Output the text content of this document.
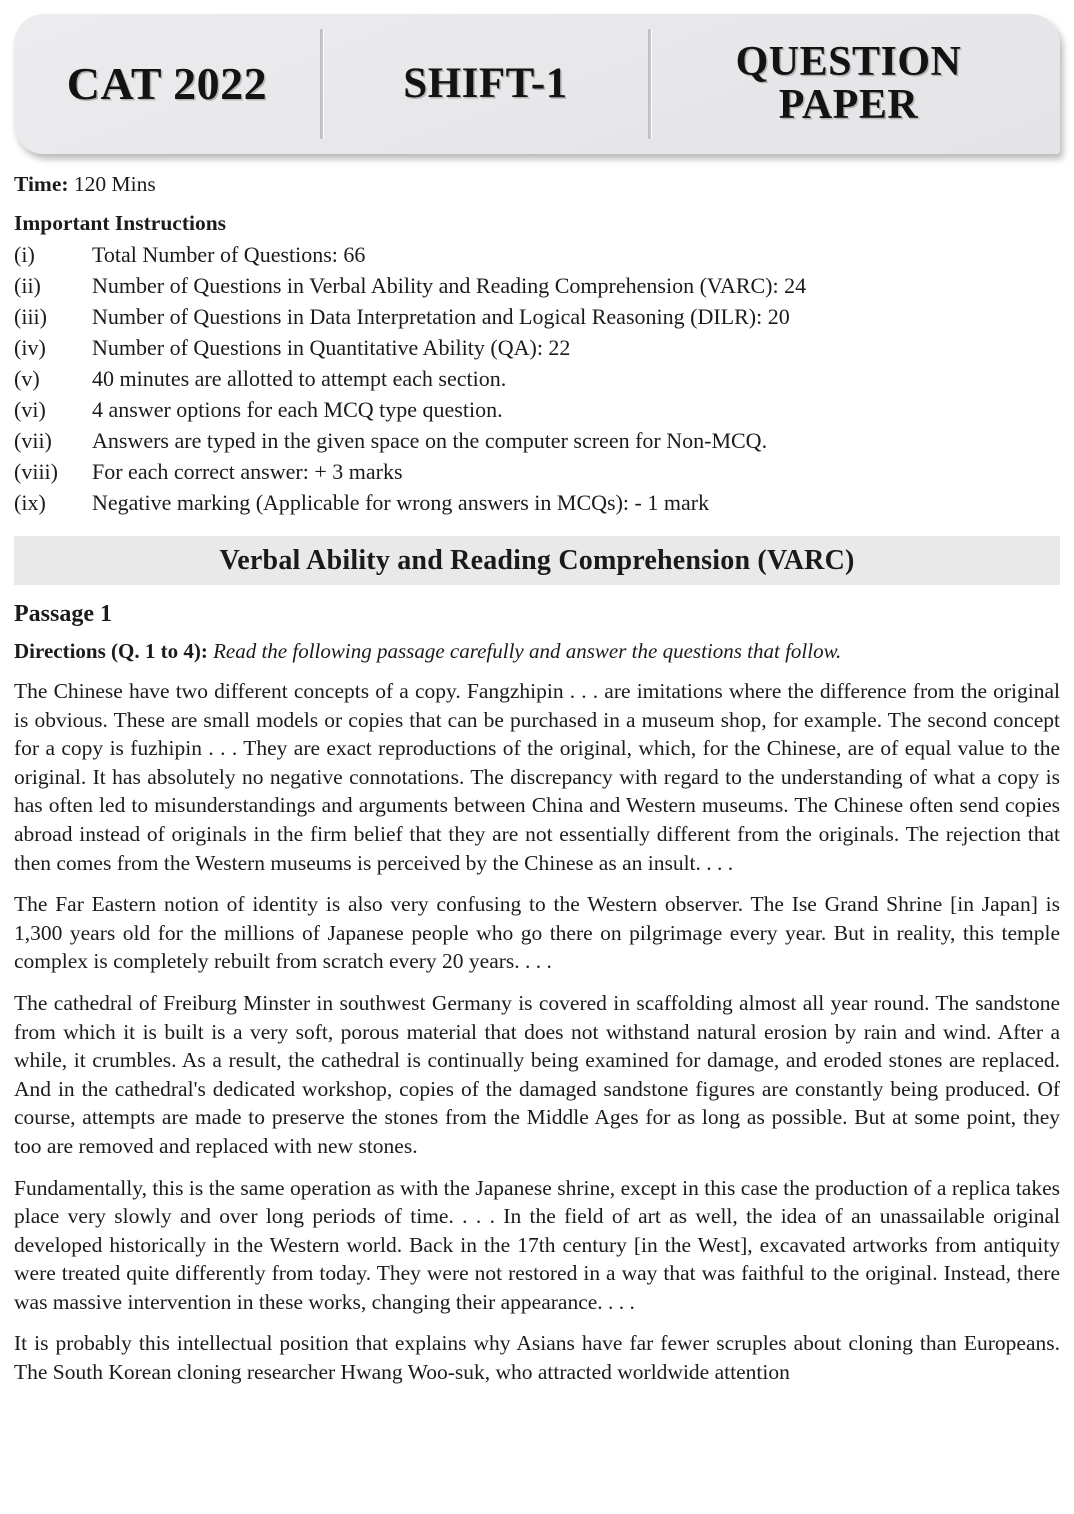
CAT 2022	SHIFT-1	QUESTION
PAPER
Time: 120 Mins
Important Instructions
(i)	Total Number of Questions: 66
(ii)	Number of Questions in Verbal Ability and Reading Comprehension (VARC): 24
(iii)	Number of Questions in Data Interpretation and Logical Reasoning (DILR): 20
(iv)	Number of Questions in Quantitative Ability (QA): 22
(v)	40 minutes are allotted to attempt each section.
(vi)	4 answer options for each MCQ type question.
(vii)	Answers are typed in the given space on the computer screen for Non-MCQ.
(viii)	For each correct answer: + 3 marks
(ix)	Negative marking (Applicable for wrong answers in MCQs): - 1 mark
Verbal Ability and Reading Comprehension (VARC)
Passage 1
Directions (Q. 1 to 4): Read the following passage carefully and answer the questions that follow.
The Chinese have two different concepts of a copy. Fangzhipin . . . are imitations where the difference from the original is obvious. These are small models or copies that can be purchased in a museum shop, for example. The second concept for a copy is fuzhipin . . . They are exact reproductions of the original, which, for the Chinese, are of equal value to the original. It has absolutely no negative connotations. The discrepancy with regard to the understanding of what a copy is has often led to misunderstandings and arguments between China and Western museums. The Chinese often send copies abroad instead of originals in the firm belief that they are not essentially different from the originals. The rejection that then comes from the Western museums is perceived by the Chinese as an insult. . . .
The Far Eastern notion of identity is also very confusing to the Western observer. The Ise Grand Shrine [in Japan] is 1,300 years old for the millions of Japanese people who go there on pilgrimage every year. But in reality, this temple complex is completely rebuilt from scratch every 20 years. . . .
The cathedral of Freiburg Minster in southwest Germany is covered in scaffolding almost all year round. The sandstone from which it is built is a very soft, porous material that does not withstand natural erosion by rain and wind. After a while, it crumbles. As a result, the cathedral is continually being examined for damage, and eroded stones are replaced. And in the cathedral's dedicated workshop, copies of the damaged sandstone figures are constantly being produced. Of course, attempts are made to preserve the stones from the Middle Ages for as long as possible. But at some point, they too are removed and replaced with new stones.
Fundamentally, this is the same operation as with the Japanese shrine, except in this case the production of a replica takes place very slowly and over long periods of time. . . . In the field of art as well, the idea of an unassailable original developed historically in the Western world. Back in the 17th century [in the West], excavated artworks from antiquity were treated quite differently from today. They were not restored in a way that was faithful to the original. Instead, there was massive intervention in these works, changing their appearance. . . .
It is probably this intellectual position that explains why Asians have far fewer scruples about cloning than Europeans. The South Korean cloning researcher Hwang Woo-suk, who attracted worldwide attention
